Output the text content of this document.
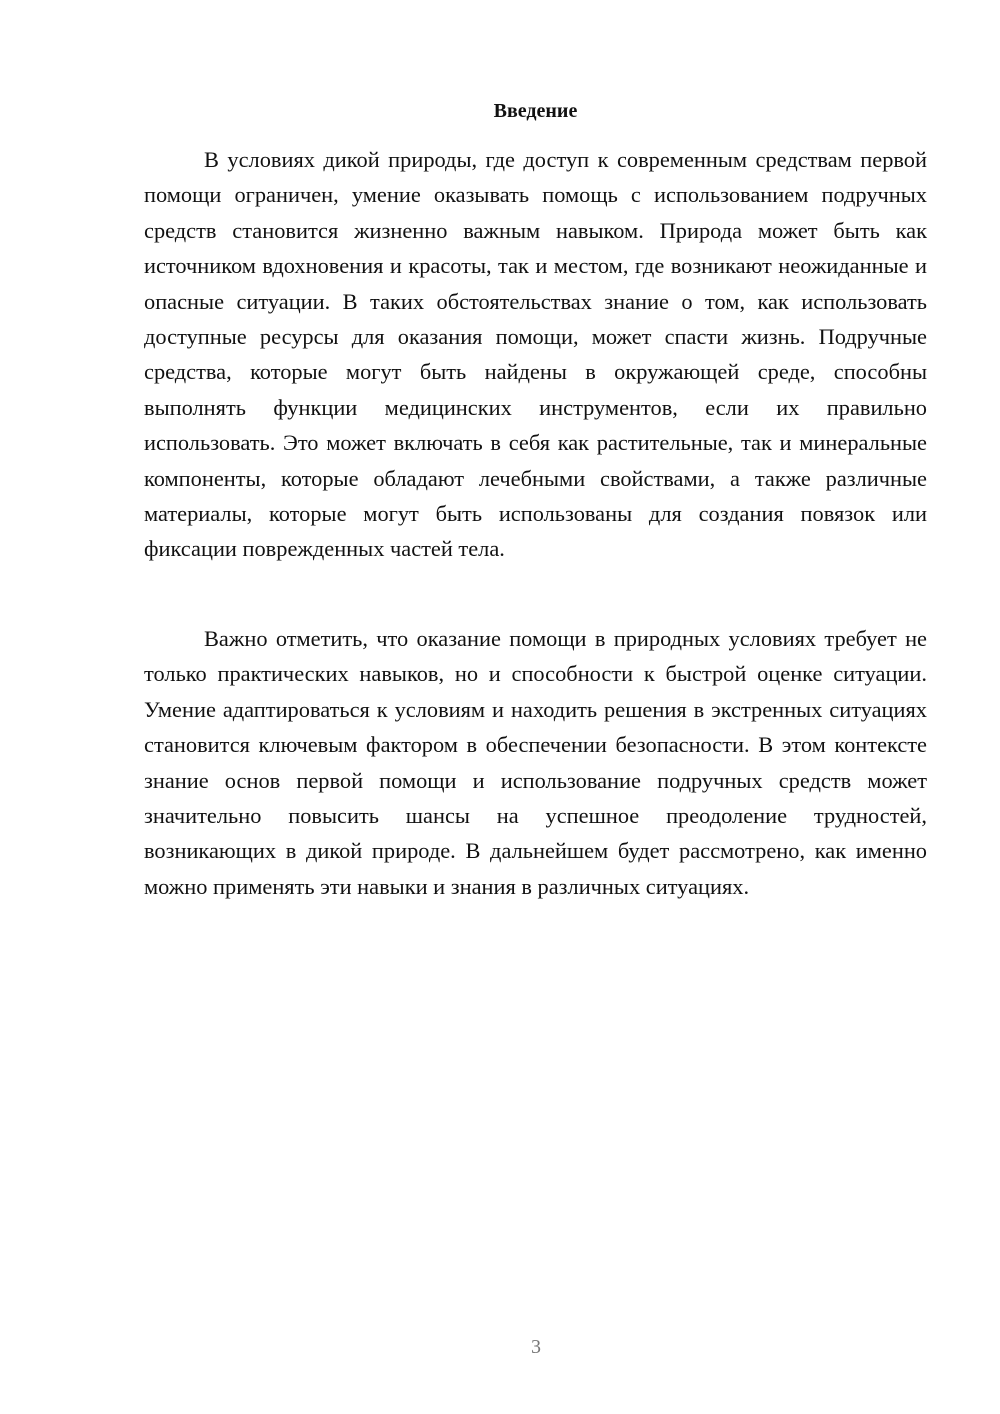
Введение

В условиях дикой природы, где доступ к современным средствам первой помощи ограничен, умение оказывать помощь с использованием подручных средств становится жизненно важным навыком. Природа может быть как источником вдохновения и красоты, так и местом, где возникают неожиданные и опасные ситуации. В таких обстоятельствах знание о том, как использовать доступные ресурсы для оказания помощи, может спасти жизнь. Подручные средства, которые могут быть найдены в окружающей среде, способны выполнять функции медицинских инструментов, если их правильно использовать. Это может включать в себя как растительные, так и минеральные компоненты, которые обладают лечебными свойствами, а также различные материалы, которые могут быть использованы для создания повязок или фиксации поврежденных частей тела.

Важно отметить, что оказание помощи в природных условиях требует не только практических навыков, но и способности к быстрой оценке ситуации. Умение адаптироваться к условиям и находить решения в экстренных ситуациях становится ключевым фактором в обеспечении безопасности. В этом контексте знание основ первой помощи и использование подручных средств может значительно повысить шансы на успешное преодоление трудностей, возникающих в дикой природе. В дальнейшем будет рассмотрено, как именно можно применять эти навыки и знания в различных ситуациях.

3
